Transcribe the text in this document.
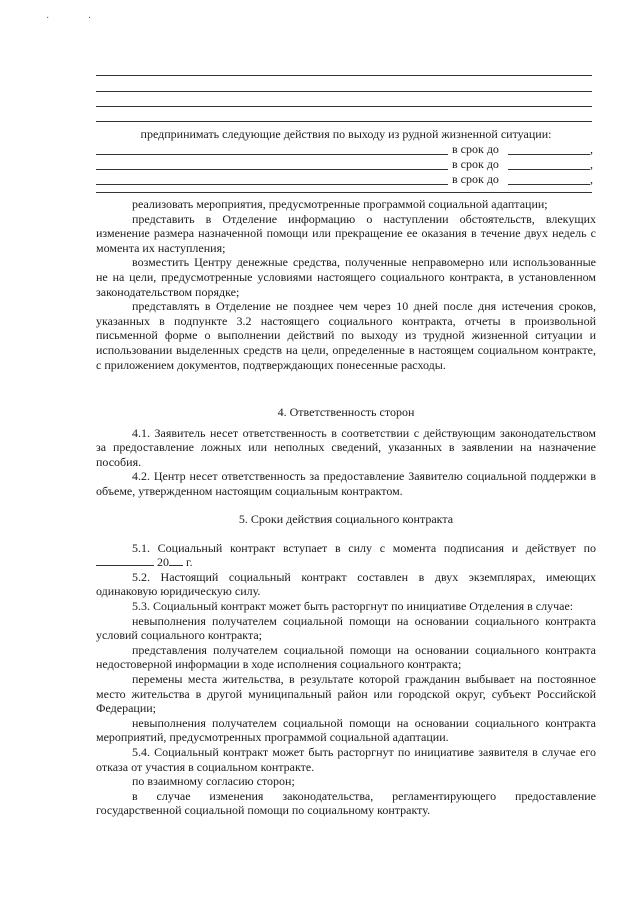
· ·

предпринимать следующие действия по выходу из рудной жизненной ситуации:

в срок до	,
в срок до	,
в срок до	,

реализовать мероприятия, предусмотренные программой социальной адаптации;

представить в Отделение информацию о наступлении обстоятельств, влекущих изменение размера назначенной помощи или прекращение ее оказания в течение двух недель с момента их наступления;

возместить Центру денежные средства, полученные неправомерно или использованные не на цели, предусмотренные условиями настоящего социального контракта, в установленном законодательством порядке;

представлять в Отделение не позднее чем через 10 дней после дня истечения сроков, указанных в подпункте 3.2 настоящего социального контракта, отчеты в произвольной письменной форме о выполнении действий по выходу из трудной жизненной ситуации и использовании выделенных средств на цели, определенные в настоящем социальном контракте, с приложением документов, подтверждающих понесенные расходы.

4. Ответственность сторон

4.1. Заявитель несет ответственность в соответствии с действующим законодательством за предоставление ложных или неполных сведений, указанных в заявлении на назначение пособия.

4.2. Центр несет ответственность за предоставление Заявителю социальной поддержки в объеме, утвержденном настоящим социальным контрактом.

5. Сроки действия социального контракта

5.1. Социальный контракт вступает в силу с момента подписания и действует по  20 г.

5.2. Настоящий социальный контракт составлен в двух экземплярах, имеющих одинаковую юридическую силу.

5.3. Социальный контракт может быть расторгнут по инициативе Отделения в случае:

невыполнения получателем социальной помощи на основании социального контракта условий социального контракта;

представления получателем социальной помощи на основании социального контракта недостоверной информации в ходе исполнения социального контракта;

перемены места жительства, в результате которой гражданин выбывает на постоянное место жительства в другой муниципальный район или городской округ, субъект Российской Федерации;

невыполнения получателем социальной помощи на основании социального контракта мероприятий, предусмотренных программой социальной адаптации.

5.4. Социальный контракт может быть расторгнут по инициативе заявителя в случае его отказа от участия в социальном контракте.

по взаимному согласию сторон;

в случае изменения законодательства, регламентирующего предоставление государственной социальной помощи по социальному контракту.
